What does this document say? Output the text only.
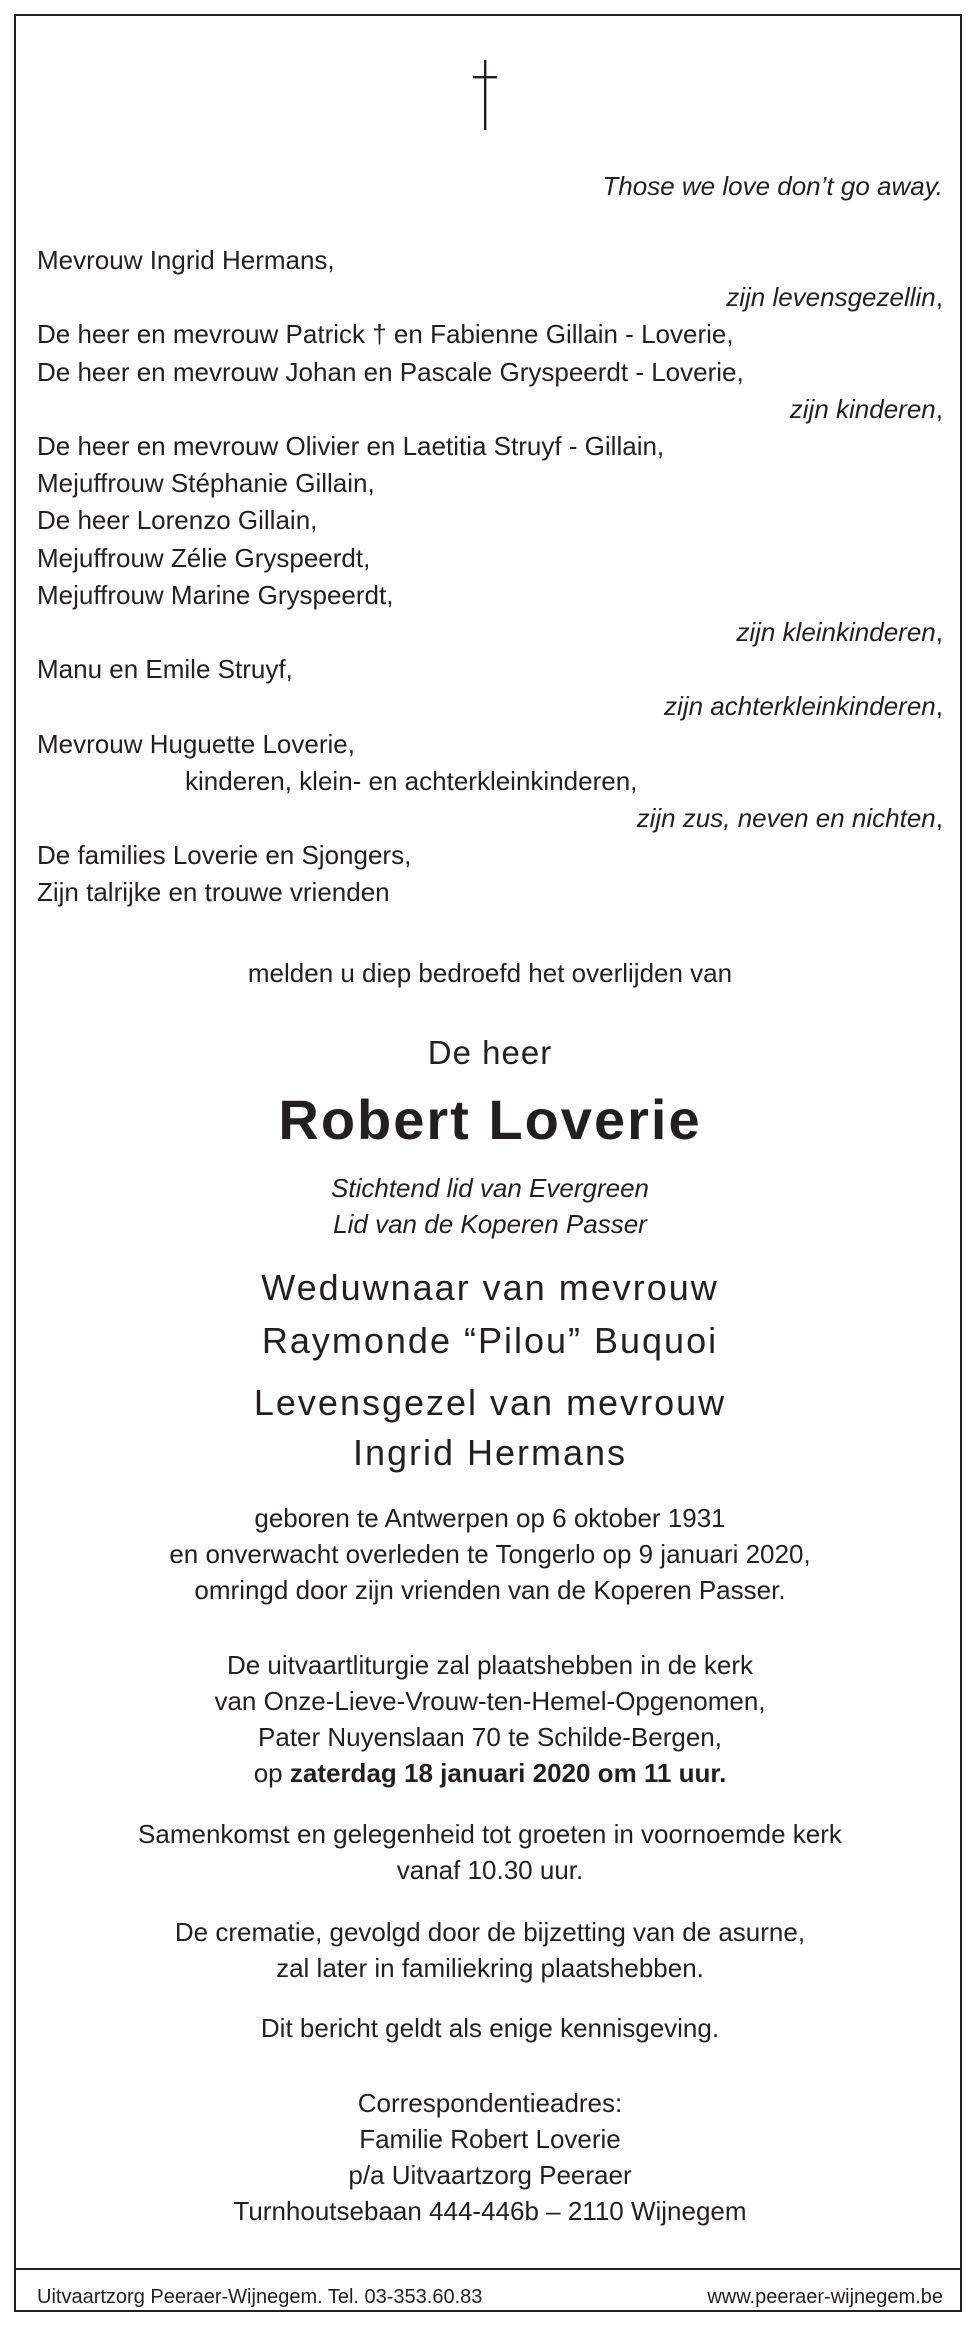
Those we love don’t go away.
Mevrouw Ingrid Hermans,
zijn levensgezellin,
De heer en mevrouw Patrick † en Fabienne Gillain - Loverie,
De heer en mevrouw Johan en Pascale Gryspeerdt - Loverie,
zijn kinderen,
De heer en mevrouw Olivier en Laetitia Struyf - Gillain,
Mejuffrouw Stéphanie Gillain,
De heer Lorenzo Gillain,
Mejuffrouw Zélie Gryspeerdt,
Mejuffrouw Marine Gryspeerdt,
zijn kleinkinderen,
Manu en Emile Struyf,
zijn achterkleinkinderen,
Mevrouw Huguette Loverie,
kinderen, klein- en achterkleinkinderen,
zijn zus, neven en nichten,
De families Loverie en Sjongers,
Zijn talrijke en trouwe vrienden
melden u diep bedroefd het overlijden van
De heer
Robert Loverie
Stichtend lid van Evergreen
Lid van de Koperen Passer
Weduwnaar van mevrouw
Raymonde “Pilou” Buquoi
Levensgezel van mevrouw
Ingrid Hermans
geboren te Antwerpen op 6 oktober 1931
en onverwacht overleden te Tongerlo op 9 januari 2020,
omringd door zijn vrienden van de Koperen Passer.
De uitvaartliturgie zal plaatshebben in de kerk
van Onze-Lieve-Vrouw-ten-Hemel-Opgenomen,
Pater Nuyenslaan 70 te Schilde-Bergen,
op zaterdag 18 januari 2020 om 11 uur.
Samenkomst en gelegenheid tot groeten in voornoemde kerk
vanaf 10.30 uur.
De crematie, gevolgd door de bijzetting van de asurne,
zal later in familiekring plaatshebben.
Dit bericht geldt als enige kennisgeving.
Correspondentieadres:
Familie Robert Loverie
p/a Uitvaartzorg Peeraer
Turnhoutsebaan 444-446b – 2110 Wijnegem
Uitvaartzorg Peeraer-Wijnegem. Tel. 03-353.60.83	www.peeraer-wijnegem.be
